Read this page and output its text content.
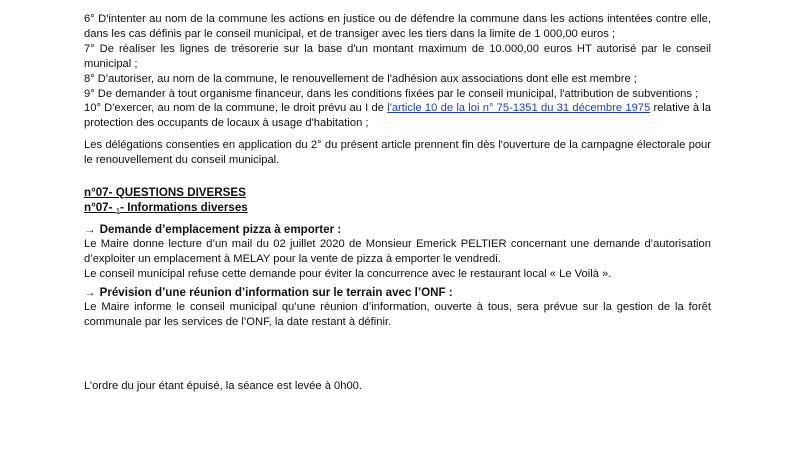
6° D'intenter au nom de la commune les actions en justice ou de défendre la commune dans les actions intentées contre elle, dans les cas définis par le conseil municipal, et de transiger avec les tiers dans la limite de 1 000,00 euros ;

7° De réaliser les lignes de trésorerie sur la base d'un montant maximum de 10.000,00 euros HT autorisé par le conseil municipal ;

8° D'autoriser, au nom de la commune, le renouvellement de l'adhésion aux associations dont elle est membre ;

9° De demander à tout organisme financeur, dans les conditions fixées par le conseil municipal, l'attribution de subventions ;

10° D'exercer, au nom de la commune, le droit prévu au I de l'article 10 de la loi n° 75-1351 du 31 décembre 1975 relative à la protection des occupants de locaux à usage d'habitation ;

Les délégations consenties en application du 2° du présent article prennent fin dès l'ouverture de la campagne électorale pour le renouvellement du conseil municipal.

n°07- QUESTIONS DIVERSES
n°07- $_1$- Informations diverses
→ Demande d’emplacement pizza à emporter :

Le Maire donne lecture d’un mail du 02 juillet 2020 de Monsieur Emerick PELTIER concernant une demande d’autorisation d’exploiter un emplacement à MELAY pour la vente de pizza à emporter le vendredi.

Le conseil municipal refuse cette demande pour éviter la concurrence avec le restaurant local « Le Voilà ».

→ Prévision d’une réunion d’information sur le terrain avec l’ONF :

Le Maire informe le conseil municipal qu’une réunion d’information, ouverte à tous, sera prévue sur la gestion de la forêt communale par les services de l’ONF, la date restant à définir.

L’ordre du jour étant épuisé, la séance est levée à 0h00.
